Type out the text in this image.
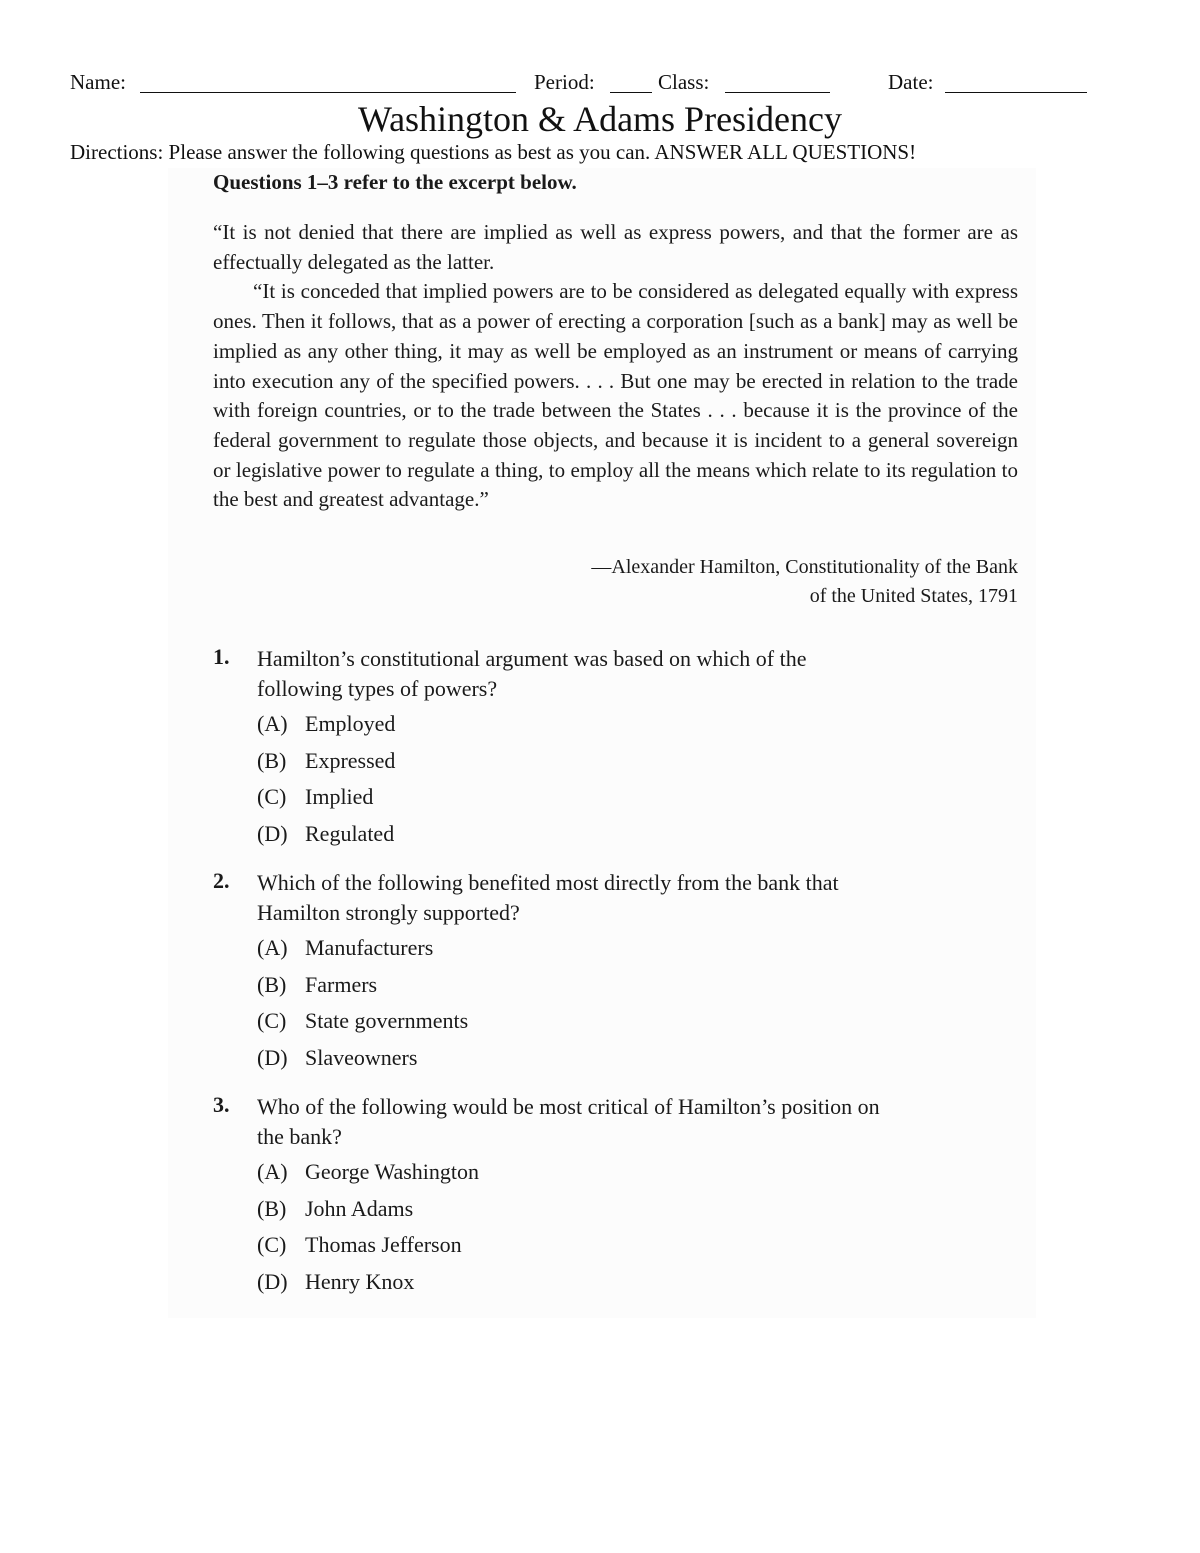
Name:	Period:	Class:	Date:
Washington & Adams Presidency
Directions: Please answer the following questions as best as you can. ANSWER ALL QUESTIONS!
Questions 1–3 refer to the excerpt below.

“It is not denied that there are implied as well as express powers, and that the former are as effectually delegated as the latter.

“It is conceded that implied powers are to be considered as delegated equally with express ones. Then it follows, that as a power of erecting a corporation [such as a bank] may as well be implied as any other thing, it may as well be employed as an instrument or means of carrying into execution any of the specified powers. . . . But one may be erected in relation to the trade with foreign countries, or to the trade between the States . . . because it is the province of the federal government to regulate those objects, and because it is incident to a general sovereign or legislative power to regulate a thing, to employ all the means which relate to its regulation to the best and greatest advantage.”

—Alexander Hamilton, Constitutionality of the Bank
of the United States, 1791
1. Hamilton’s constitutional argument was based on which of the
following types of powers?
(A) Employed
(B) Expressed
(C) Implied
(D) Regulated
2. Which of the following benefited most directly from the bank that
Hamilton strongly supported?
(A) Manufacturers
(B) Farmers
(C) State governments
(D) Slaveowners
3. Who of the following would be most critical of Hamilton’s position on
the bank?
(A) George Washington
(B) John Adams
(C) Thomas Jefferson
(D) Henry Knox
